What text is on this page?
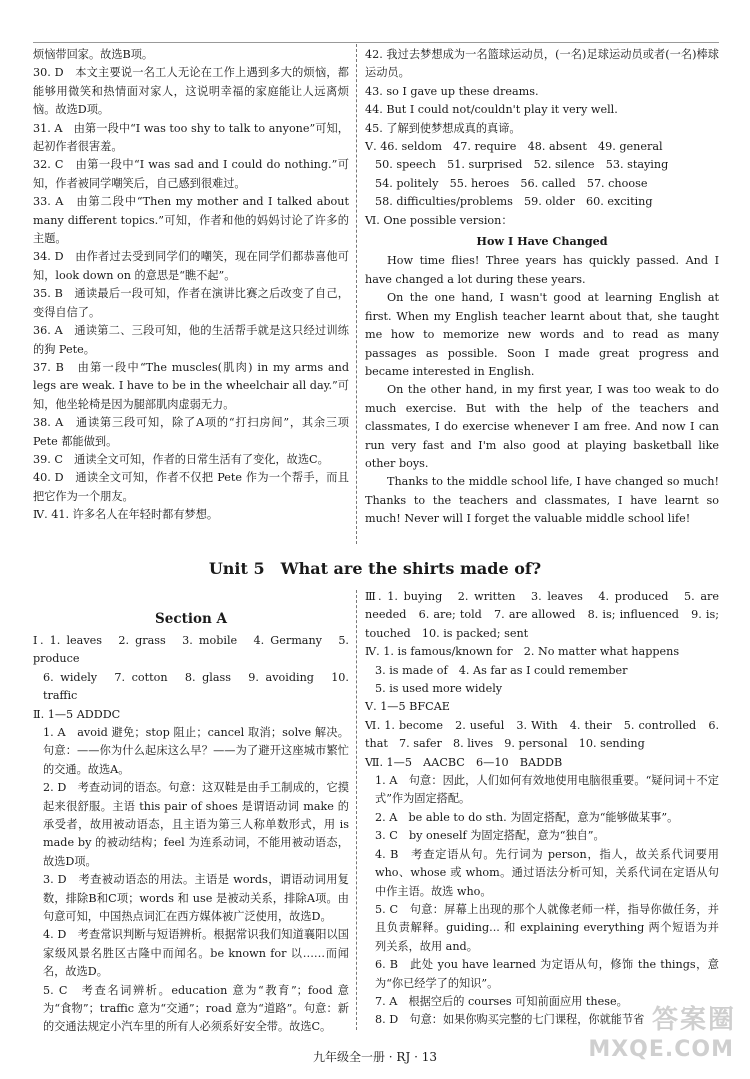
烦恼带回家。故选B项。

30. D　本文主要说一名工人无论在工作上遇到多大的烦恼，都能够用微笑和热情面对家人，这说明幸福的家庭能让人远离烦恼。故选D项。

31. A　由第一段中“I was too shy to talk to anyone”可知，起初作者很害羞。

32. C　由第一段中“I was sad and I could do nothing.”可知，作者被同学嘲笑后，自己感到很难过。

33. A　由第二段中“Then my mother and I talked about many different topics.”可知，作者和他的妈妈讨论了许多的主题。

34. D　由作者过去受到同学们的嘲笑，现在同学们都恭喜他可知，look down on 的意思是“瞧不起”。

35. B　通读最后一段可知，作者在演讲比赛之后改变了自己，变得自信了。

36. A　通读第二、三段可知，他的生活帮手就是这只经过训练的狗 Pete。

37. B　由第一段中“The muscles(肌肉) in my arms and legs are weak. I have to be in the wheelchair all day.”可知，他坐轮椅是因为腿部肌肉虚弱无力。

38. A　通读第三段可知，除了A项的“打扫房间”，其余三项 Pete 都能做到。

39. C　通读全文可知，作者的日常生活有了变化，故选C。

40. D　通读全文可知，作者不仅把 Pete 作为一个帮手，而且把它作为一个朋友。

Ⅳ. 41. 许多名人在年轻时都有梦想。

42. 我过去梦想成为一名篮球运动员，(一名)足球运动员或者(一名)棒球运动员。

43. so I gave up these dreams.

44. But I could not/couldn't play it very well.

45. 了解到使梦想成真的真谛。

Ⅴ. 46. seldom　47. require　48. absent　49. general

50. speech　51. surprised　52. silence　53. staying

54. politely　55. heroes　56. called　57. choose

58. difficulties/problems　59. older　60. exciting

Ⅵ. One possible version：

How I Have Changed

How time flies! Three years has quickly passed. And I have changed a lot during these years.

On the one hand, I wasn't good at learning English at first. When my English teacher learnt about that, she taught me how to memorize new words and to read as many passages as possible. Soon I made great progress and became interested in English.

On the other hand, in my first year, I was too weak to do much exercise. But with the help of the teachers and classmates, I do exercise whenever I am free. And now I can run very fast and I'm also good at playing basketball like other boys.

Thanks to the middle school life, I have changed so much! Thanks to the teachers and classmates, I have learnt so much! Never will I forget the valuable middle school life!

Unit 5　What are the shirts made of?

Section A

Ⅰ. 1. leaves　2. grass　3. mobile　4. Germany　5. produce

6. widely　7. cotton　8. glass　9. avoiding　10. traffic

Ⅱ. 1—5 ADDDC

1. A　avoid 避免；stop 阻止；cancel 取消；solve 解决。句意：——你为什么起床这么早？——为了避开这座城市繁忙的交通。故选A。

2. D　考查动词的语态。句意：这双鞋是由手工制成的，它摸起来很舒服。主语 this pair of shoes 是谓语动词 make 的承受者，故用被动语态，且主语为第三人称单数形式，用 is made by 的被动结构；feel 为连系动词，不能用被动语态，故选D项。

3. D　考查被动语态的用法。主语是 words，谓语动词用复数，排除B和C项；words 和 use 是被动关系，排除A项。由句意可知，中国热点词汇在西方媒体被广泛使用，故选D。

4. D　考查常识判断与短语辨析。根据常识我们知道襄阳以国家级风景名胜区古隆中而闻名。be known for 以……而闻名，故选D。

5. C　考查名词辨析。education 意为“教育”；food 意为“食物”；traffic 意为“交通”；road 意为“道路”。句意：新的交通法规定小汽车里的所有人必须系好安全带。故选C。

Ⅲ. 1. buying　2. written　3. leaves　4. produced　5. are needed　6. are; told　7. are allowed　8. is; influenced　9. is; touched　10. is packed; sent

Ⅳ. 1. is famous/known for　2. No matter what happens

3. is made of　4. As far as I could remember

5. is used more widely

Ⅴ. 1—5 BFCAE

Ⅵ. 1. become　2. useful　3. With　4. their　5. controlled　6. that　7. safer　8. lives　9. personal　10. sending

Ⅶ. 1—5　AACBC　6—10　BADDB

1. A　句意：因此，人们如何有效地使用电脑很重要。“疑问词＋不定式”作为固定搭配。

2. A　be able to do sth. 为固定搭配，意为“能够做某事”。

3. C　by oneself 为固定搭配，意为“独自”。

4. B　考查定语从句。先行词为 person，指人，故关系代词要用 who、whose 或 whom。通过语法分析可知，关系代词在定语从句中作主语。故选 who。

5. C　句意：屏幕上出现的那个人就像老师一样，指导你做任务，并且负责解释。guiding... 和 explaining everything 两个短语为并列关系，故用 and。

6. B　此处 you have learned 为定语从句，修饰 the things，意为“你已经学了的知识”。

7. A　根据空后的 courses 可知前面应用 these。

8. D　句意：如果你购买完整的七门课程，你就能节省

九年级全一册 · RJ · 13
答案圈
MXQE.COM
